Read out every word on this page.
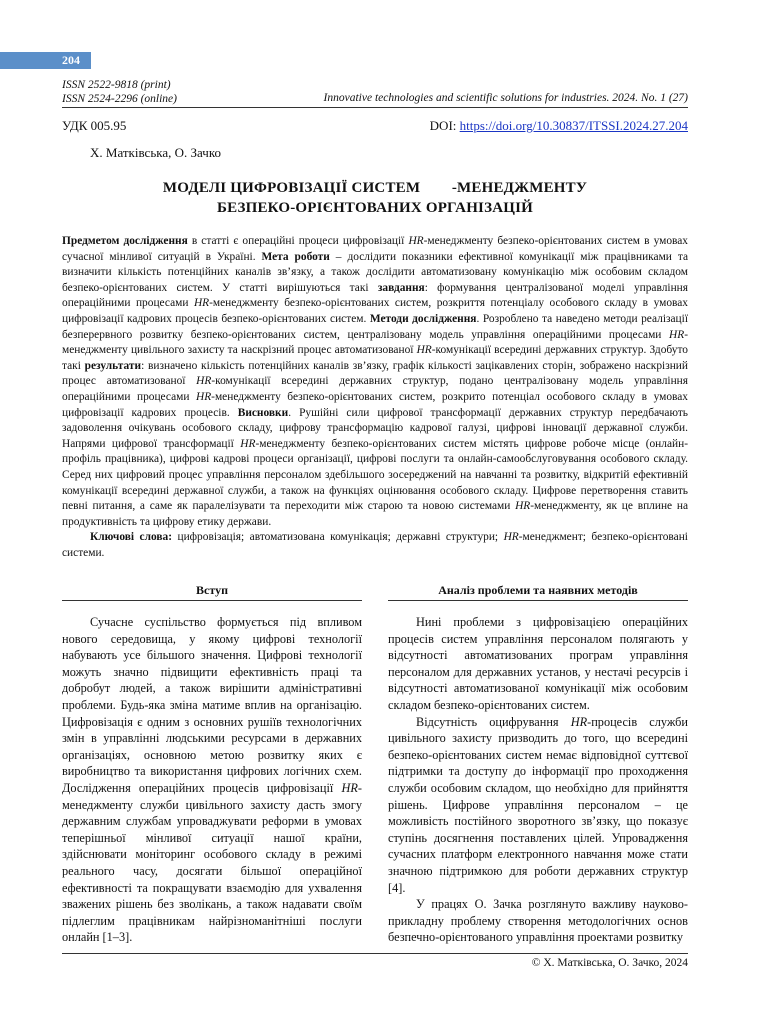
204
ISSN 2522-9818 (print)
ISSN 2524-2296 (online)	Innovative technologies and scientific solutions for industries. 2024. No. 1 (27)
УДК 005.95	DOI: https://doi.org/10.30837/ITSSI.2024.27.204
Х. Матківська, О. Зачко
МОДЕЛІ ЦИФРОВІЗАЦІЇ СИСТЕМ        -МЕНЕДЖМЕНТУ
БЕЗПЕКО-ОРІЄНТОВАНИХ ОРГАНІЗАЦІЙ

Предметом дослідження в статті є операційні процеси цифровізації HR-менеджменту безпеко-орієнтованих систем в умовах сучасної мінливої ситуацій в Україні. Мета роботи – дослідити показники ефективної комунікації між працівниками та визначити кількість потенційних каналів зв’язку, а також дослідити автоматизовану комунікацію між особовим складом безпеко-орієнтованих систем. У статті вирішуються такі завдання: формування централізованої моделі управління операційними процесами HR-менеджменту безпеко-орієнтованих систем, розкриття потенціалу особового складу в умовах цифровізації кадрових процесів безпеко-орієнтованих систем. Методи дослідження. Розроблено та наведено методи реалізації безперервного розвитку безпеко-орієнтованих систем, централізовану модель управління операційними процесами HR-менеджменту цивільного захисту та наскрізний процес автоматизованої HR-комунікації всередині державних структур. Здобуто такі результати: визначено кількість потенційних каналів зв’язку, графік кількості зацікавлених сторін, зображено наскрізний процес автоматизованої HR-комунікації всередині державних структур, подано централізовану модель управління операційними процесами HR-менеджменту безпеко-орієнтованих систем, розкрито потенціал особового складу в умовах цифровізації кадрових процесів. Висновки. Рушійні сили цифрової трансформації державних структур передбачають задоволення очікувань особового складу, цифрову трансформацію кадрової галузі, цифрові інновації державної служби. Напрями цифрової трансформації HR-менеджменту безпеко-орієнтованих систем містять цифрове робоче місце (онлайн-профіль працівника), цифрові кадрові процеси організації, цифрові послуги та онлайн-самообслуговування особового складу. Серед них цифровий процес управління персоналом здебільшого зосереджений на навчанні та розвитку, відкритій ефективній комунікації всередині державної служби, а також на функціях оцінювання особового складу. Цифрове перетворення ставить певні питання, а саме як паралелізувати та переходити між старою та новою системами HR-менеджменту, як це вплине на продуктивність та цифрову етику держави.

Ключові слова: цифровізація; автоматизована комунікація; державні структури; HR-менеджмент; безпеко-орієнтовані системи.

Вступ	Аналіз проблеми та наявних методів

Сучасне суспільство формується під впливом нового середовища, у якому цифрові технології набувають усе більшого значення. Цифрові технології можуть значно підвищити ефективність праці та добробут людей, а також вирішити адміністративні проблеми. Будь-яка зміна матиме вплив на організацію. Цифровізація є одним з основних рушіїв технологічних змін в управлінні людськими ресурсами в державних організаціях, основною метою розвитку яких є виробництво та використання цифрових логічних схем. Дослідження операційних процесів цифровізації HR-менеджменту служби цивільного захисту дасть змогу державним службам упроваджувати реформи в умовах теперішньої мінливої ситуації нашої країни, здійснювати моніторинг особового складу в режимі реального часу, досягати більшої операційної ефективності та покращувати взаємодію для ухвалення зважених рішень без зволікань, а також надавати своїм підлеглим працівникам найрізноманітніші послуги онлайн [1–3].

Нині проблеми з цифровізацією операційних процесів систем управління персоналом полягають у відсутності автоматизованих програм управління персоналом для державних установ, у нестачі ресурсів і відсутності автоматизованої комунікації між особовим складом безпеко-орієнтованих систем.

Відсутність оцифрування HR-процесів служби цивільного захисту призводить до того, що всередині безпеко-орієнтованих систем немає відповідної суттєвої підтримки та доступу до інформації про проходження служби особовим складом, що необхідно для прийняття рішень. Цифрове управління персоналом – це можливість постійного зворотного зв’язку, що показує ступінь досягнення поставлених цілей. Упровадження сучасних платформ електронного навчання може стати значною підтримкою для роботи державних структур [4].

У працях О. Зачка розглянуто важливу науково-прикладну проблему створення методологічних основ безпечно-орієнтованого управління проектами розвитку

© Х. Матківська, О. Зачко, 2024
